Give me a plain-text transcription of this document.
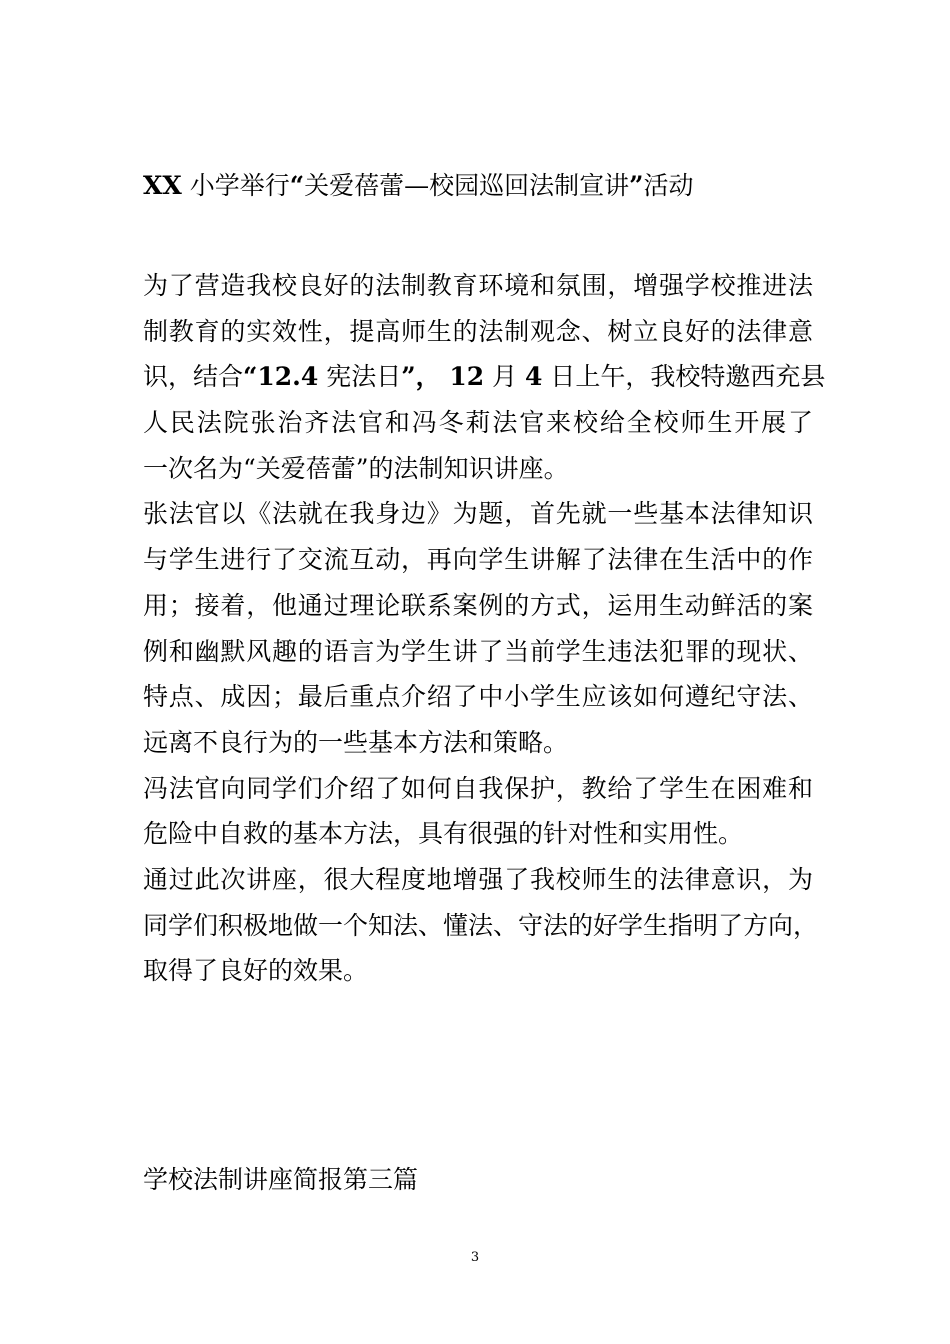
XX 小学举行“关爱蓓蕾—校园巡回法制宣讲”活动
为了营造我校良好的法制教育环境和氛围，增强学校推进法
制教育的实效性，提高师生的法制观念、树立良好的法律意
识，结合“12.4 宪法日”， 12 月 4 日上午，我校特邀西充县
人民法院张治齐法官和冯冬莉法官来校给全校师生开展了
一次名为“关爱蓓蕾”的法制知识讲座。
张法官以《法就在我身边》为题，首先就一些基本法律知识
与学生进行了交流互动，再向学生讲解了法律在生活中的作
用；接着，他通过理论联系案例的方式，运用生动鲜活的案
例和幽默风趣的语言为学生讲了当前学生违法犯罪的现状、
特点、成因；最后重点介绍了中小学生应该如何遵纪守法、
远离不良行为的一些基本方法和策略。
冯法官向同学们介绍了如何自我保护，教给了学生在困难和
危险中自救的基本方法，具有很强的针对性和实用性。
通过此次讲座，很大程度地增强了我校师生的法律意识，为
同学们积极地做一个知法、懂法、守法的好学生指明了方向，
取得了良好的效果。
学校法制讲座简报第三篇
3
